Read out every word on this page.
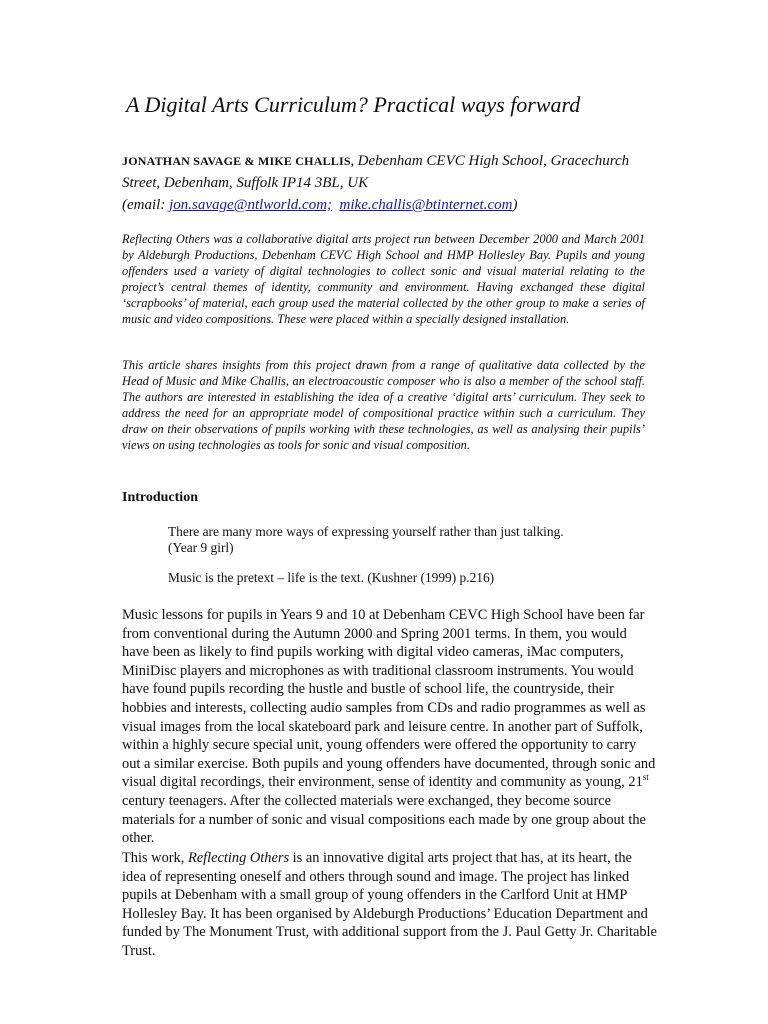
A Digital Arts Curriculum? Practical ways forward
JONATHAN SAVAGE & MIKE CHALLIS, Debenham CEVC High School, Gracechurch Street, Debenham, Suffolk IP14 3BL, UK
(email: jon.savage@ntlworld.com; mike.challis@btinternet.com)

Reflecting Others was a collaborative digital arts project run between December 2000 and March 2001 by Aldeburgh Productions, Debenham CEVC High School and HMP Hollesley Bay. Pupils and young offenders used a variety of digital technologies to collect sonic and visual material relating to the project’s central themes of identity, community and environment. Having exchanged these digital ‘scrapbooks’ of material, each group used the material collected by the other group to make a series of music and video compositions. These were placed within a specially designed installation.

This article shares insights from this project drawn from a range of qualitative data collected by the Head of Music and Mike Challis, an electroacoustic composer who is also a member of the school staff. The authors are interested in establishing the idea of a creative ‘digital arts’ curriculum. They seek to address the need for an appropriate model of compositional practice within such a curriculum. They draw on their observations of pupils working with these technologies, as well as analysing their pupils’ views on using technologies as tools for sonic and visual composition.

Introduction

There are many more ways of expressing yourself rather than just talking.
(Year 9 girl)

Music is the pretext – life is the text. (Kushner (1999) p.216)

Music lessons for pupils in Years 9 and 10 at Debenham CEVC High School have been far from conventional during the Autumn 2000 and Spring 2001 terms. In them, you would have been as likely to find pupils working with digital video cameras, iMac computers, MiniDisc players and microphones as with traditional classroom instruments. You would have found pupils recording the hustle and bustle of school life, the countryside, their hobbies and interests, collecting audio samples from CDs and radio programmes as well as visual images from the local skateboard park and leisure centre. In another part of Suffolk, within a highly secure special unit, young offenders were offered the opportunity to carry out a similar exercise. Both pupils and young offenders have documented, through sonic and visual digital recordings, their environment, sense of identity and community as young, 21st century teenagers. After the collected materials were exchanged, they become source materials for a number of sonic and visual compositions each made by one group about the other.

This work, Reflecting Others is an innovative digital arts project that has, at its heart, the idea of representing oneself and others through sound and image. The project has linked pupils at Debenham with a small group of young offenders in the Carlford Unit at HMP Hollesley Bay. It has been organised by Aldeburgh Productions’ Education Department and funded by The Monument Trust, with additional support from the J. Paul Getty Jr. Charitable Trust.
